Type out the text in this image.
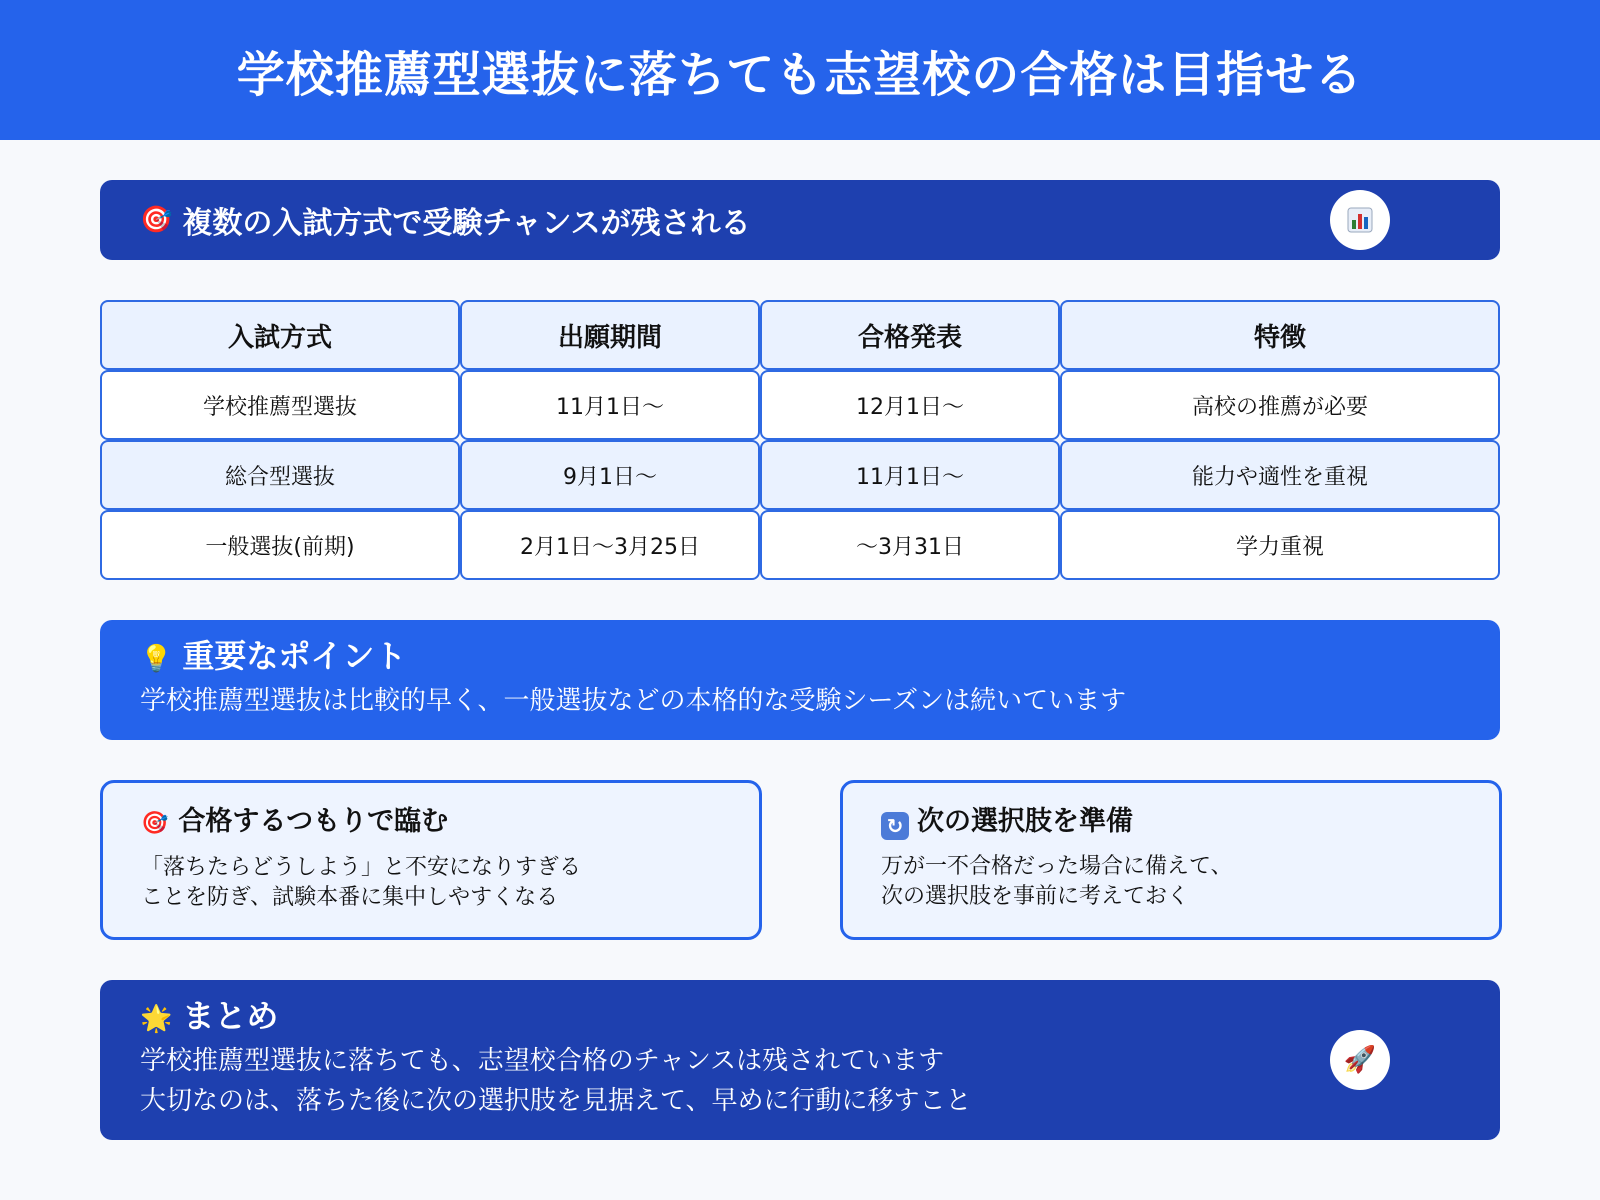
学校推薦型選抜に落ちても志望校の合格は目指せる
🎯 複数の入試方式で受験チャンスが残される
入試方式	出願期間	合格発表	特徴
学校推薦型選抜	11月1日～	12月1日～	高校の推薦が必要
総合型選抜	9月1日～	11月1日～	能力や適性を重視
一般選抜(前期)	2月1日～3月25日	～3月31日	学力重視
💡 重要なポイント
学校推薦型選抜は比較的早く、一般選抜などの本格的な受験シーズンは続いています
🎯 合格するつもりで臨む
「落ちたらどうしよう」と不安になりすぎる
ことを防ぎ、試験本番に集中しやすくなる
↻ 次の選択肢を準備
万が一不合格だった場合に備えて、
次の選択肢を事前に考えておく
🌟 まとめ
学校推薦型選抜に落ちても、志望校合格のチャンスは残されています
大切なのは、落ちた後に次の選択肢を見据えて、早めに行動に移すこと
🚀
